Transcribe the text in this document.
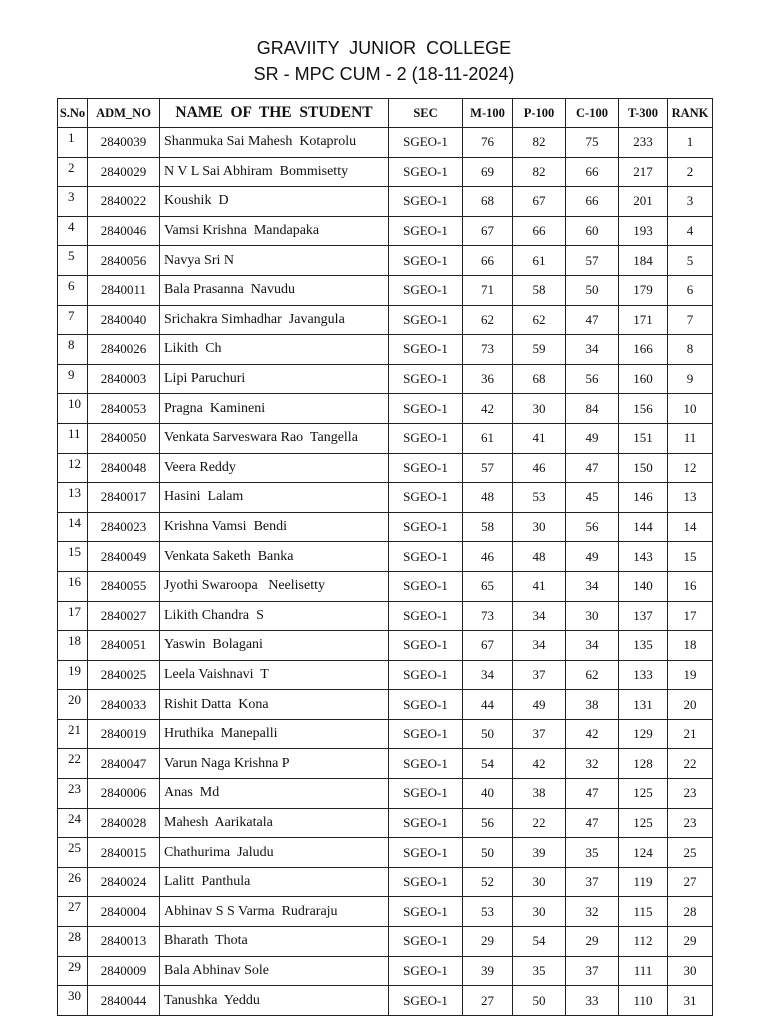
GRAVIITY  JUNIOR  COLLEGE
SR - MPC CUM - 2 (18-11-2024)
S.No	ADM_NO	NAME  OF  THE  STUDENT	SEC	M-100	P-100	C-100	T-300	RANK
1	2840039	Shanmuka Sai Mahesh  Kotaprolu	SGEO-1	76	82	75	233	1
2	2840029	N V L Sai Abhiram  Bommisetty	SGEO-1	69	82	66	217	2
3	2840022	Koushik  D	SGEO-1	68	67	66	201	3
4	2840046	Vamsi Krishna  Mandapaka	SGEO-1	67	66	60	193	4
5	2840056	Navya Sri N	SGEO-1	66	61	57	184	5
6	2840011	Bala Prasanna  Navudu	SGEO-1	71	58	50	179	6
7	2840040	Srichakra Simhadhar  Javangula	SGEO-1	62	62	47	171	7
8	2840026	Likith  Ch	SGEO-1	73	59	34	166	8
9	2840003	Lipi Paruchuri	SGEO-1	36	68	56	160	9
10	2840053	Pragna  Kamineni	SGEO-1	42	30	84	156	10
11	2840050	Venkata Sarveswara Rao  Tangella	SGEO-1	61	41	49	151	11
12	2840048	Veera Reddy	SGEO-1	57	46	47	150	12
13	2840017	Hasini  Lalam	SGEO-1	48	53	45	146	13
14	2840023	Krishna Vamsi  Bendi	SGEO-1	58	30	56	144	14
15	2840049	Venkata Saketh  Banka	SGEO-1	46	48	49	143	15
16	2840055	Jyothi Swaroopa   Neelisetty	SGEO-1	65	41	34	140	16
17	2840027	Likith Chandra  S	SGEO-1	73	34	30	137	17
18	2840051	Yaswin  Bolagani	SGEO-1	67	34	34	135	18
19	2840025	Leela Vaishnavi  T	SGEO-1	34	37	62	133	19
20	2840033	Rishit Datta  Kona	SGEO-1	44	49	38	131	20
21	2840019	Hruthika  Manepalli	SGEO-1	50	37	42	129	21
22	2840047	Varun Naga Krishna P	SGEO-1	54	42	32	128	22
23	2840006	Anas  Md	SGEO-1	40	38	47	125	23
24	2840028	Mahesh  Aarikatala	SGEO-1	56	22	47	125	23
25	2840015	Chathurima  Jaludu	SGEO-1	50	39	35	124	25
26	2840024	Lalitt  Panthula	SGEO-1	52	30	37	119	27
27	2840004	Abhinav S S Varma  Rudraraju	SGEO-1	53	30	32	115	28
28	2840013	Bharath  Thota	SGEO-1	29	54	29	112	29
29	2840009	Bala Abhinav Sole	SGEO-1	39	35	37	111	30
30	2840044	Tanushka  Yeddu	SGEO-1	27	50	33	110	31
